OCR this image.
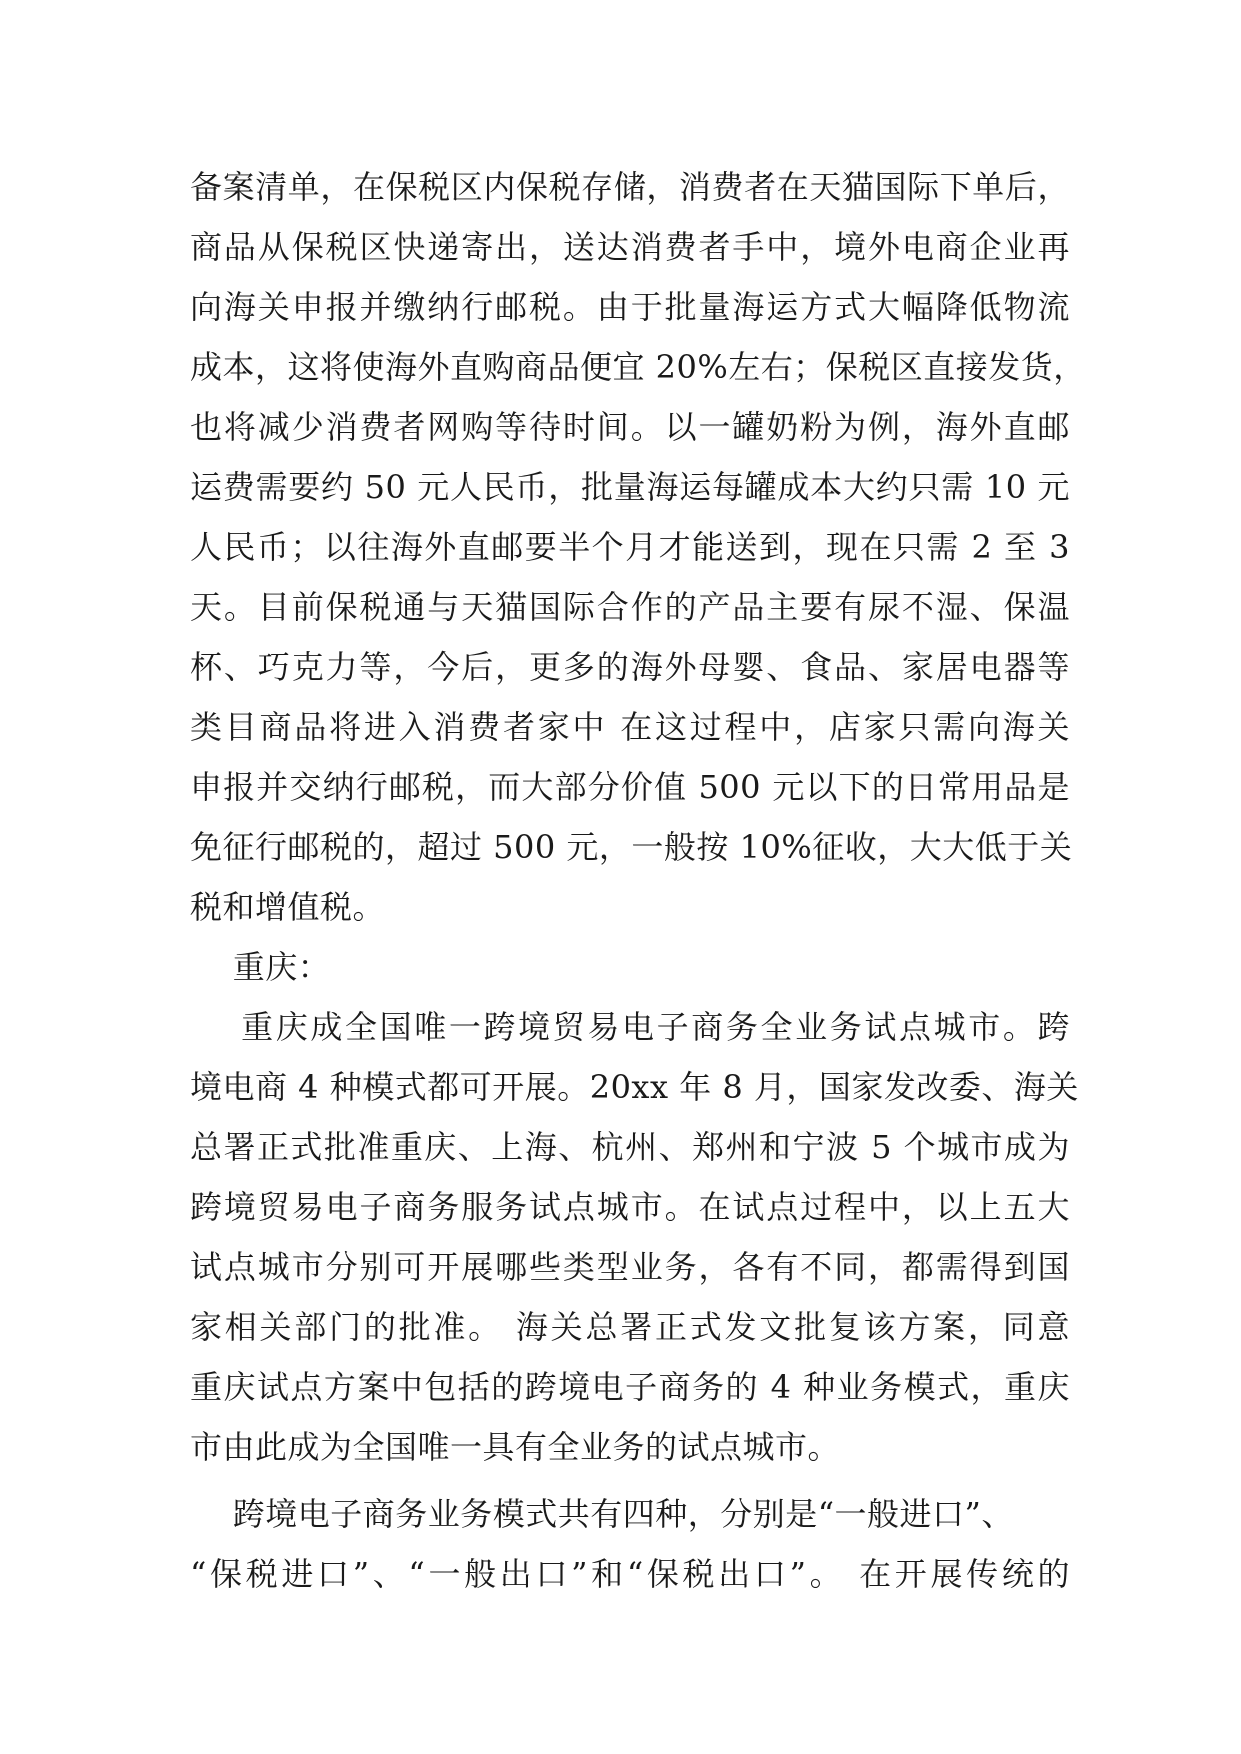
备案清单，在保税区内保税存储，消费者在天猫国际下单后，
商品从保税区快递寄出，送达消费者手中，境外电商企业再
向海关申报并缴纳行邮税。由于批量海运方式大幅降低物流
成本，这将使海外直购商品便宜 20%左右；保税区直接发货，
也将减少消费者网购等待时间。以一罐奶粉为例，海外直邮
运费需要约 50 元人民币，批量海运每罐成本大约只需 10 元
人民币；以往海外直邮要半个月才能送到，现在只需 2 至 3
天。目前保税通与天猫国际合作的产品主要有尿不湿、保温
杯、巧克力等，今后，更多的海外母婴、食品、家居电器等
类目商品将进入消费者家中 在这过程中，店家只需向海关
申报并交纳行邮税，而大部分价值 500 元以下的日常用品是
免征行邮税的，超过 500 元，一般按 10%征收，大大低于关
税和增值税。
重庆：
重庆成全国唯一跨境贸易电子商务全业务试点城市。跨
境电商 4 种模式都可开展。20xx 年 8 月，国家发改委、海关
总署正式批准重庆、上海、杭州、郑州和宁波 5 个城市成为
跨境贸易电子商务服务试点城市。在试点过程中，以上五大
试点城市分别可开展哪些类型业务，各有不同，都需得到国
家相关部门的批准。 海关总署正式发文批复该方案，同意
重庆试点方案中包括的跨境电子商务的 4 种业务模式，重庆
市由此成为全国唯一具有全业务的试点城市。
跨境电子商务业务模式共有四种，分别是“一般进口”、
“保税进口”、“一般出口”和“保税出口”。 在开展传统的
